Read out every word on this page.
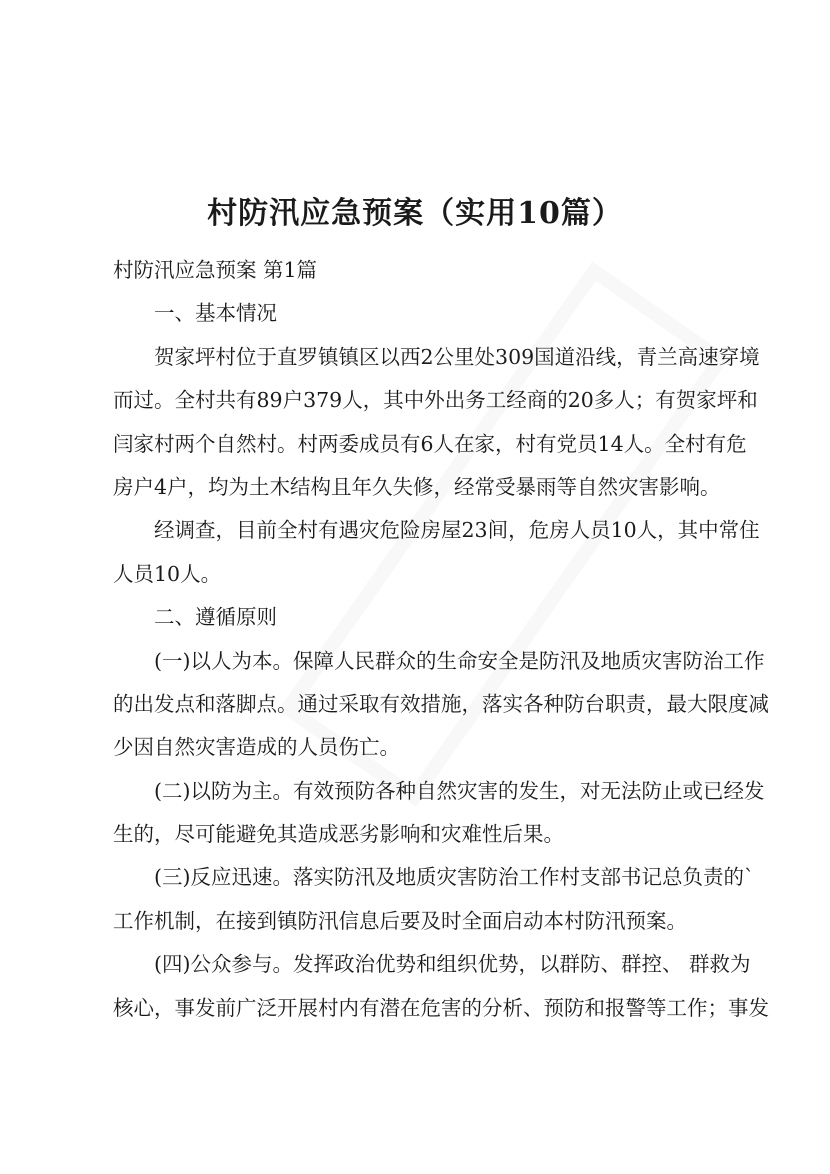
村防汛应急预案（实用10篇）
村防汛应急预案 第1篇
一、基本情况
贺家坪村位于直罗镇镇区以西2公里处309国道沿线，青兰高速穿境
而过。全村共有89户379人，其中外出务工经商的20多人；有贺家坪和
闫家村两个自然村。村两委成员有6人在家，村有党员14人。全村有危
房户4户，均为土木结构且年久失修，经常受暴雨等自然灾害影响。
经调查，目前全村有遇灾危险房屋23间，危房人员10人，其中常住
人员10人。
二、遵循原则
(一)以人为本。保障人民群众的生命安全是防汛及地质灾害防治工作
的出发点和落脚点。通过采取有效措施，落实各种防台职责，最大限度减
少因自然灾害造成的人员伤亡。
(二)以防为主。有效预防各种自然灾害的发生，对无法防止或已经发
生的，尽可能避免其造成恶劣影响和灾难性后果。
(三)反应迅速。落实防汛及地质灾害防治工作村支部书记总负责的`
工作机制，在接到镇防汛信息后要及时全面启动本村防汛预案。
(四)公众参与。发挥政治优势和组织优势，以群防、群控、 群救为
核心，事发前广泛开展村内有潜在危害的分析、预防和报警等工作；事发
